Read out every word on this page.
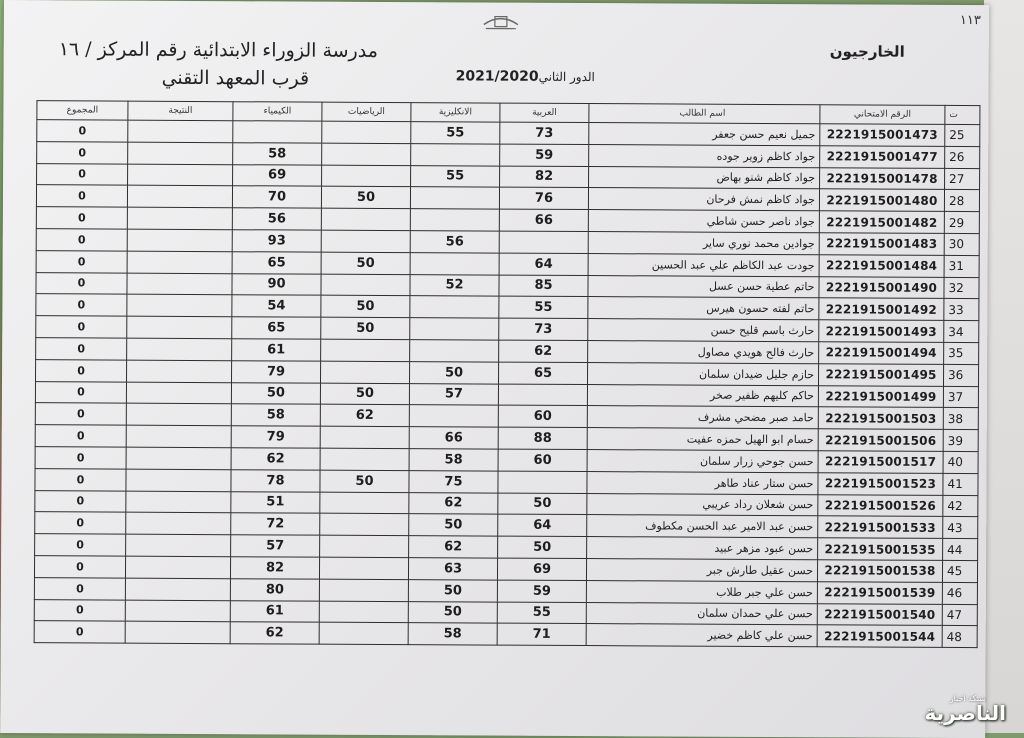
١١٣
مدرسة الزوراء الابتدائية رقم المركز / ١٦
قرب المعهد التقني
الخارجيون
الدور الثاني
2021/2020
ت	الرقم الامتحاني	اسم الطالب	العربية	الانكليزية	الرياضيات	الكيمياء	النتيجة	المجموع
25	2221915001473	جميل نعيم حسن جعفر	73	55				0
26	2221915001477	جواد كاظم زوير جوده	59			58		0
27	2221915001478	جواد كاظم شنو بهاض	82	55		69		0
28	2221915001480	جواد كاظم نمش فرحان	76		50	70		0
29	2221915001482	جواد ناصر حسن شاطي	66			56		0
30	2221915001483	جوادين محمد نوري ساير		56		93		0
31	2221915001484	جودت عبد الكاظم علي عبد الحسين	64		50	65		0
32	2221915001490	حاتم عطية حسن عسل	85	52		90		0
33	2221915001492	حاتم لفته حسون هيرس	55		50	54		0
34	2221915001493	حارث باسم قليح حسن	73		50	65		0
35	2221915001494	حارث فالح هويدي مصاول	62			61		0
36	2221915001495	حازم جليل ضيدان سلمان	65	50		79		0
37	2221915001499	حاكم كليهم ظفير صخر		57	50	50		0
38	2221915001503	حامد صبر مضحي مشرف	60		62	58		0
39	2221915001506	حسام ابو الهيل حمزه عفيت	88	66		79		0
40	2221915001517	حسن جوحي زرار سلمان	60	58		62		0
41	2221915001523	حسن ستار عناد طاهر		75	50	78		0
42	2221915001526	حسن شعلان رداد عريبي	50	62		51		0
43	2221915001533	حسن عبد الامير عبد الحسن مكطوف	64	50		72		0
44	2221915001535	حسن عبود مزهر عبيد	50	62		57		0
45	2221915001538	حسن عقيل طارش جبر	69	63		82		0
46	2221915001539	حسن علي جبر طلاب	59	50		80		0
47	2221915001540	حسن علي حمدان سلمان	55	50		61		0
48	2221915001544	حسن علي كاظم خضير	71	58		62		0
شبكة اخبار
الناصرية
